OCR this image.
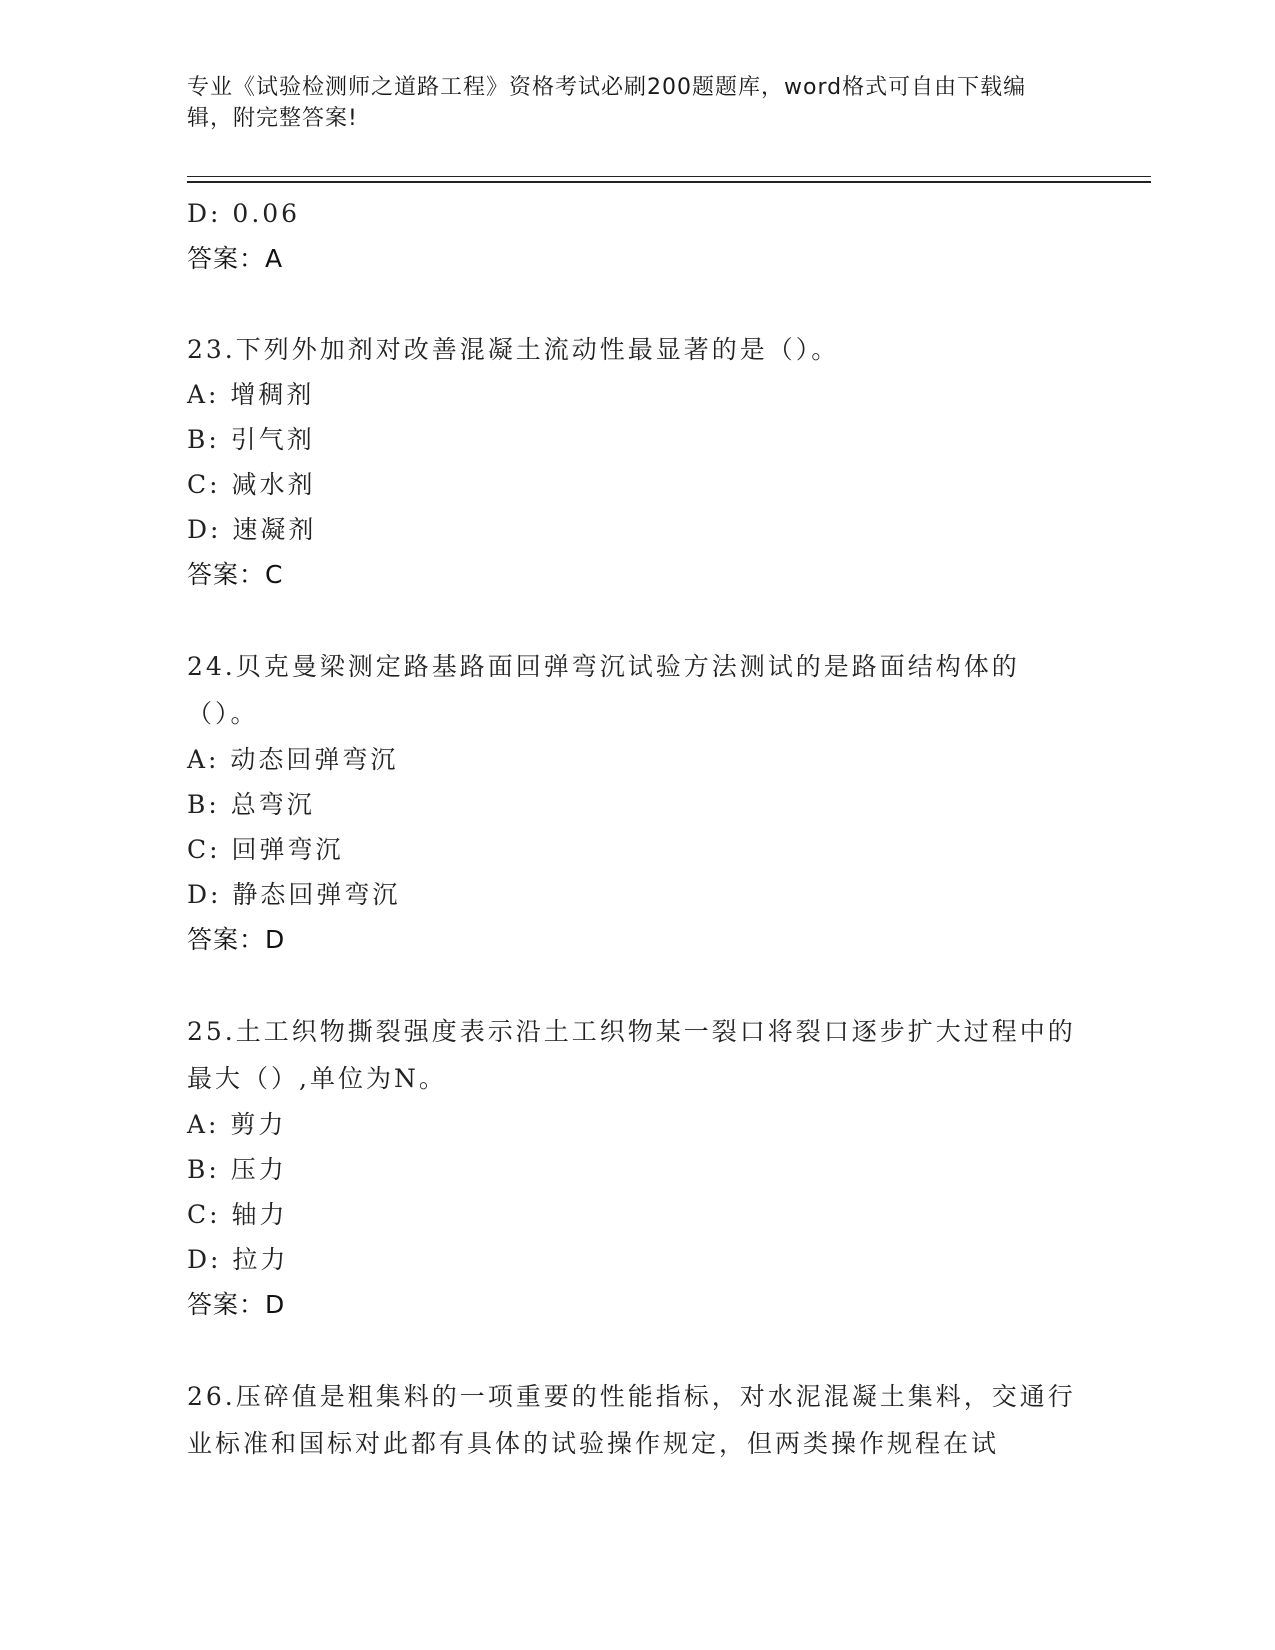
专业《试验检测师之道路工程》资格考试必刷200题题库，word格式可自由下载编辑，附完整答案!
D: 0.06
答案：A
23.下列外加剂对改善混凝土流动性最显著的是（）。
A: 增稠剂
B: 引气剂
C: 减水剂
D: 速凝剂
答案：C
24.贝克曼梁测定路基路面回弹弯沉试验方法测试的是路面结构体的（）。
A: 动态回弹弯沉
B: 总弯沉
C: 回弹弯沉
D: 静态回弹弯沉
答案：D
25.土工织物撕裂强度表示沿土工织物某一裂口将裂口逐步扩大过程中的最大（）,单位为N。
A: 剪力
B: 压力
C: 轴力
D: 拉力
答案：D
26.压碎值是粗集料的一项重要的性能指标，对水泥混凝土集料，交通行业标准和国标对此都有具体的试验操作规定，但两类操作规程在试
